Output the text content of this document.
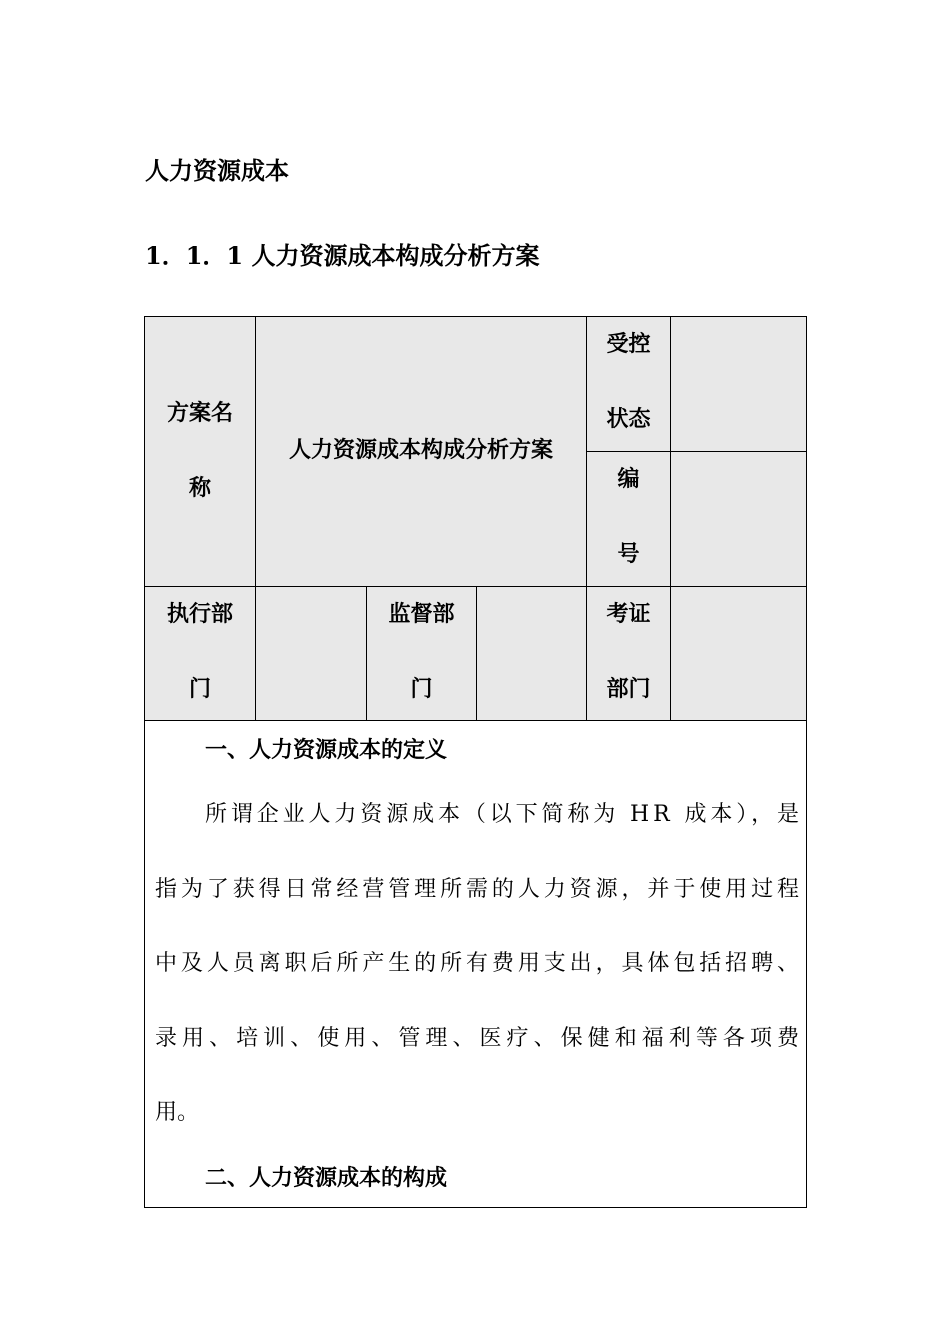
人力资源成本
1．1．1 人力资源成本构成分析方案
方案名
称
人力资源成本构成分析方案
受控
状态
编
号
执行部
门
监督部
门
考证
部门
一、人力资源成本的定义
所谓企业人力资源成本（以下简称为 HR 成本），是
指为了获得日常经营管理所需的人力资源，并于使用过程
中及人员离职后所产生的所有费用支出，具体包括招聘、
录用、培训、使用、管理、医疗、保健和福利等各项费
用。
二、人力资源成本的构成
